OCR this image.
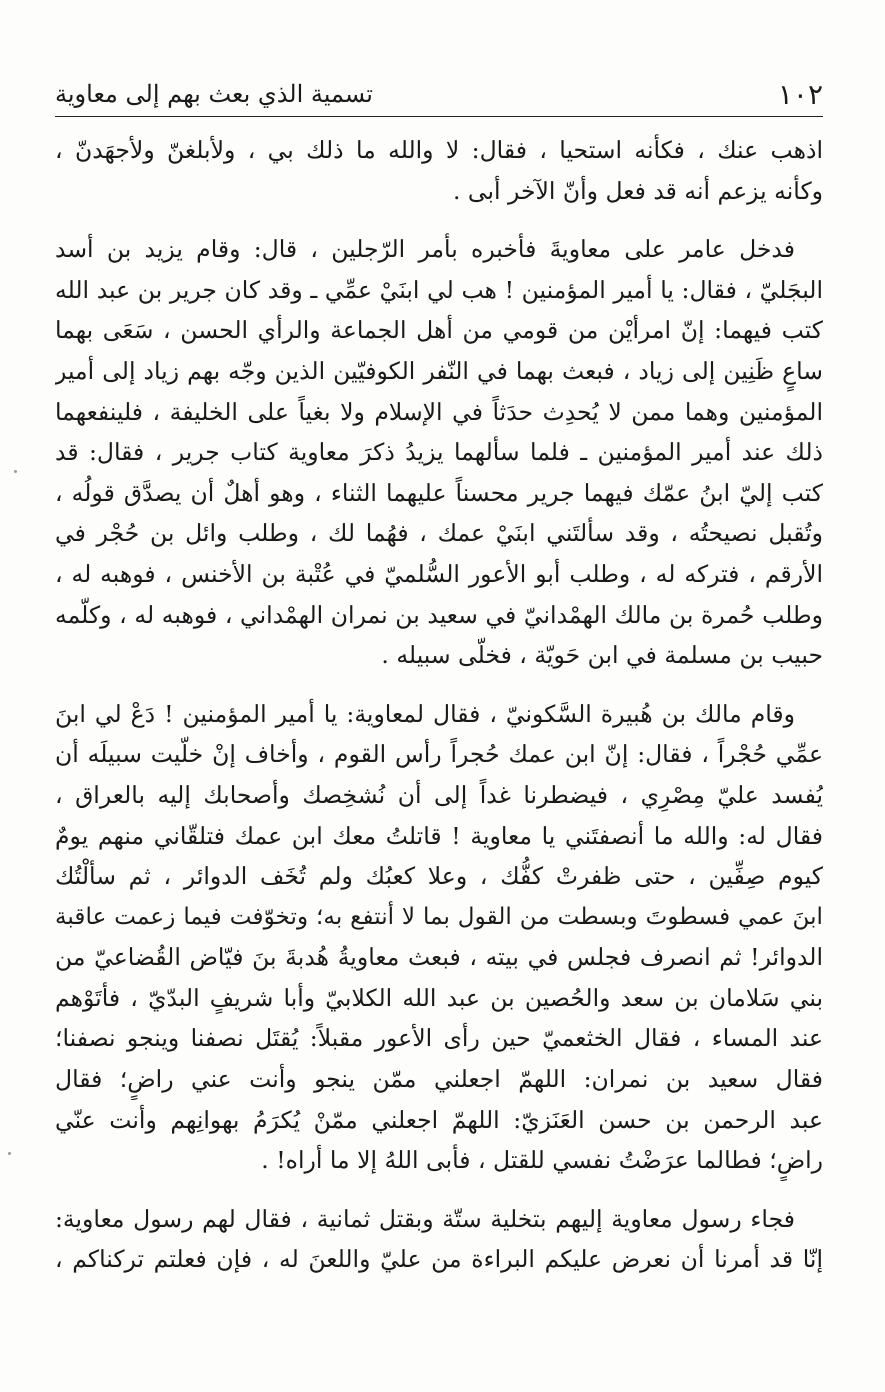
١٠٢
تسمية الذي بعث بهم إلى معاوية
اذهب عنك ، فكأنه استحيا ، فقال: لا والله ما ذلك بي ، ولأبلغنّ ولأجهَدنّ ،
وكأنه يزعم أنه قد فعل وأنّ الآخر أبى .
فدخل عامر على معاويةَ فأخبره بأمر الرّجلين ، قال: وقام يزيد بن أسد
البجَليّ ، فقال: يا أمير المؤمنين ! هب لي ابنَيْ عمِّي ـ وقد كان جرير بن عبد الله
كتب فيهما: إنّ امرأيْن من قومي من أهل الجماعة والرأي الحسن ، سَعَى بهما
ساعٍ ظَنِين إلى زياد ، فبعث بهما في النّفر الكوفيّين الذين وجّه بهم زياد إلى أمير
المؤمنين وهما ممن لا يُحدِث حدَثاً في الإسلام ولا بغياً على الخليفة ، فلينفعهما
ذلك عند أمير المؤمنين ـ فلما سألهما يزيدُ ذكرَ معاوية كتاب جرير ، فقال: قد
كتب إليّ ابنُ عمّك فيهما جرير محسناً عليهما الثناء ، وهو أهلٌ أن يصدَّق قولُه ،
وتُقبل نصيحتُه ، وقد سألتَني ابنَيْ عمك ، فهُما لك ، وطلب وائل بن حُجْر في
الأرقم ، فتركه له ، وطلب أبو الأعور السُّلميّ في عُتْبة بن الأخنس ، فوهبه له ،
وطلب حُمرة بن مالك الهمْدانيّ في سعيد بن نمران الهمْداني ، فوهبه له ، وكلّمه
حبيب بن مسلمة في ابن حَويّة ، فخلّى سبيله .
وقام مالك بن هُبيرة السَّكونيّ ، فقال لمعاوية: يا أمير المؤمنين ! دَعْ لي ابنَ
عمِّي حُجْراً ، فقال: إنّ ابن عمك حُجراً رأس القوم ، وأخاف إنْ خلّيت سبيلَه أن
يُفسد عليّ مِصْرِي ، فيضطرنا غداً إلى أن نُشخِصك وأصحابك إليه بالعراق ،
فقال له: والله ما أنصفتَني يا معاوية ! قاتلتُ معك ابن عمك فتلقّاني منهم يومٌ
كيوم صِفِّين ، حتى ظفرتْ كفُّك ، وعلا كعبُك ولم تُخَف الدوائر ، ثم سألْتُك
ابنَ عمي فسطوتَ وبسطت من القول بما لا أنتفع به؛ وتخوّفت فيما زعمت عاقبة
الدوائر! ثم انصرف فجلس في بيته ، فبعث معاويةُ هُدبةَ بنَ فيّاض القُضاعيّ من
بني سَلامان بن سعد والحُصين بن عبد الله الكلابيّ وأبا شريفٍ البدّيّ ، فأتَوْهم
عند المساء ، فقال الخثعميّ حين رأى الأعور مقبلاً: يُقتَل نصفنا وينجو نصفنا؛
فقال سعيد بن نمران: اللهمّ اجعلني ممّن ينجو وأنت عني راضٍ؛ فقال
عبد الرحمن بن حسن العَنَزيّ: اللهمّ اجعلني ممّنْ يُكرَمُ بهوانِهم وأنت عنّي
راضٍ؛ فطالما عرَضْتُ نفسي للقتل ، فأبى اللهُ إلا ما أراه! .
فجاء رسول معاوية إليهم بتخلية ستّة وبقتل ثمانية ، فقال لهم رسول معاوية:
إنّا قد أمرنا أن نعرض عليكم البراءة من عليّ واللعنَ له ، فإن فعلتم تركناكم ،
